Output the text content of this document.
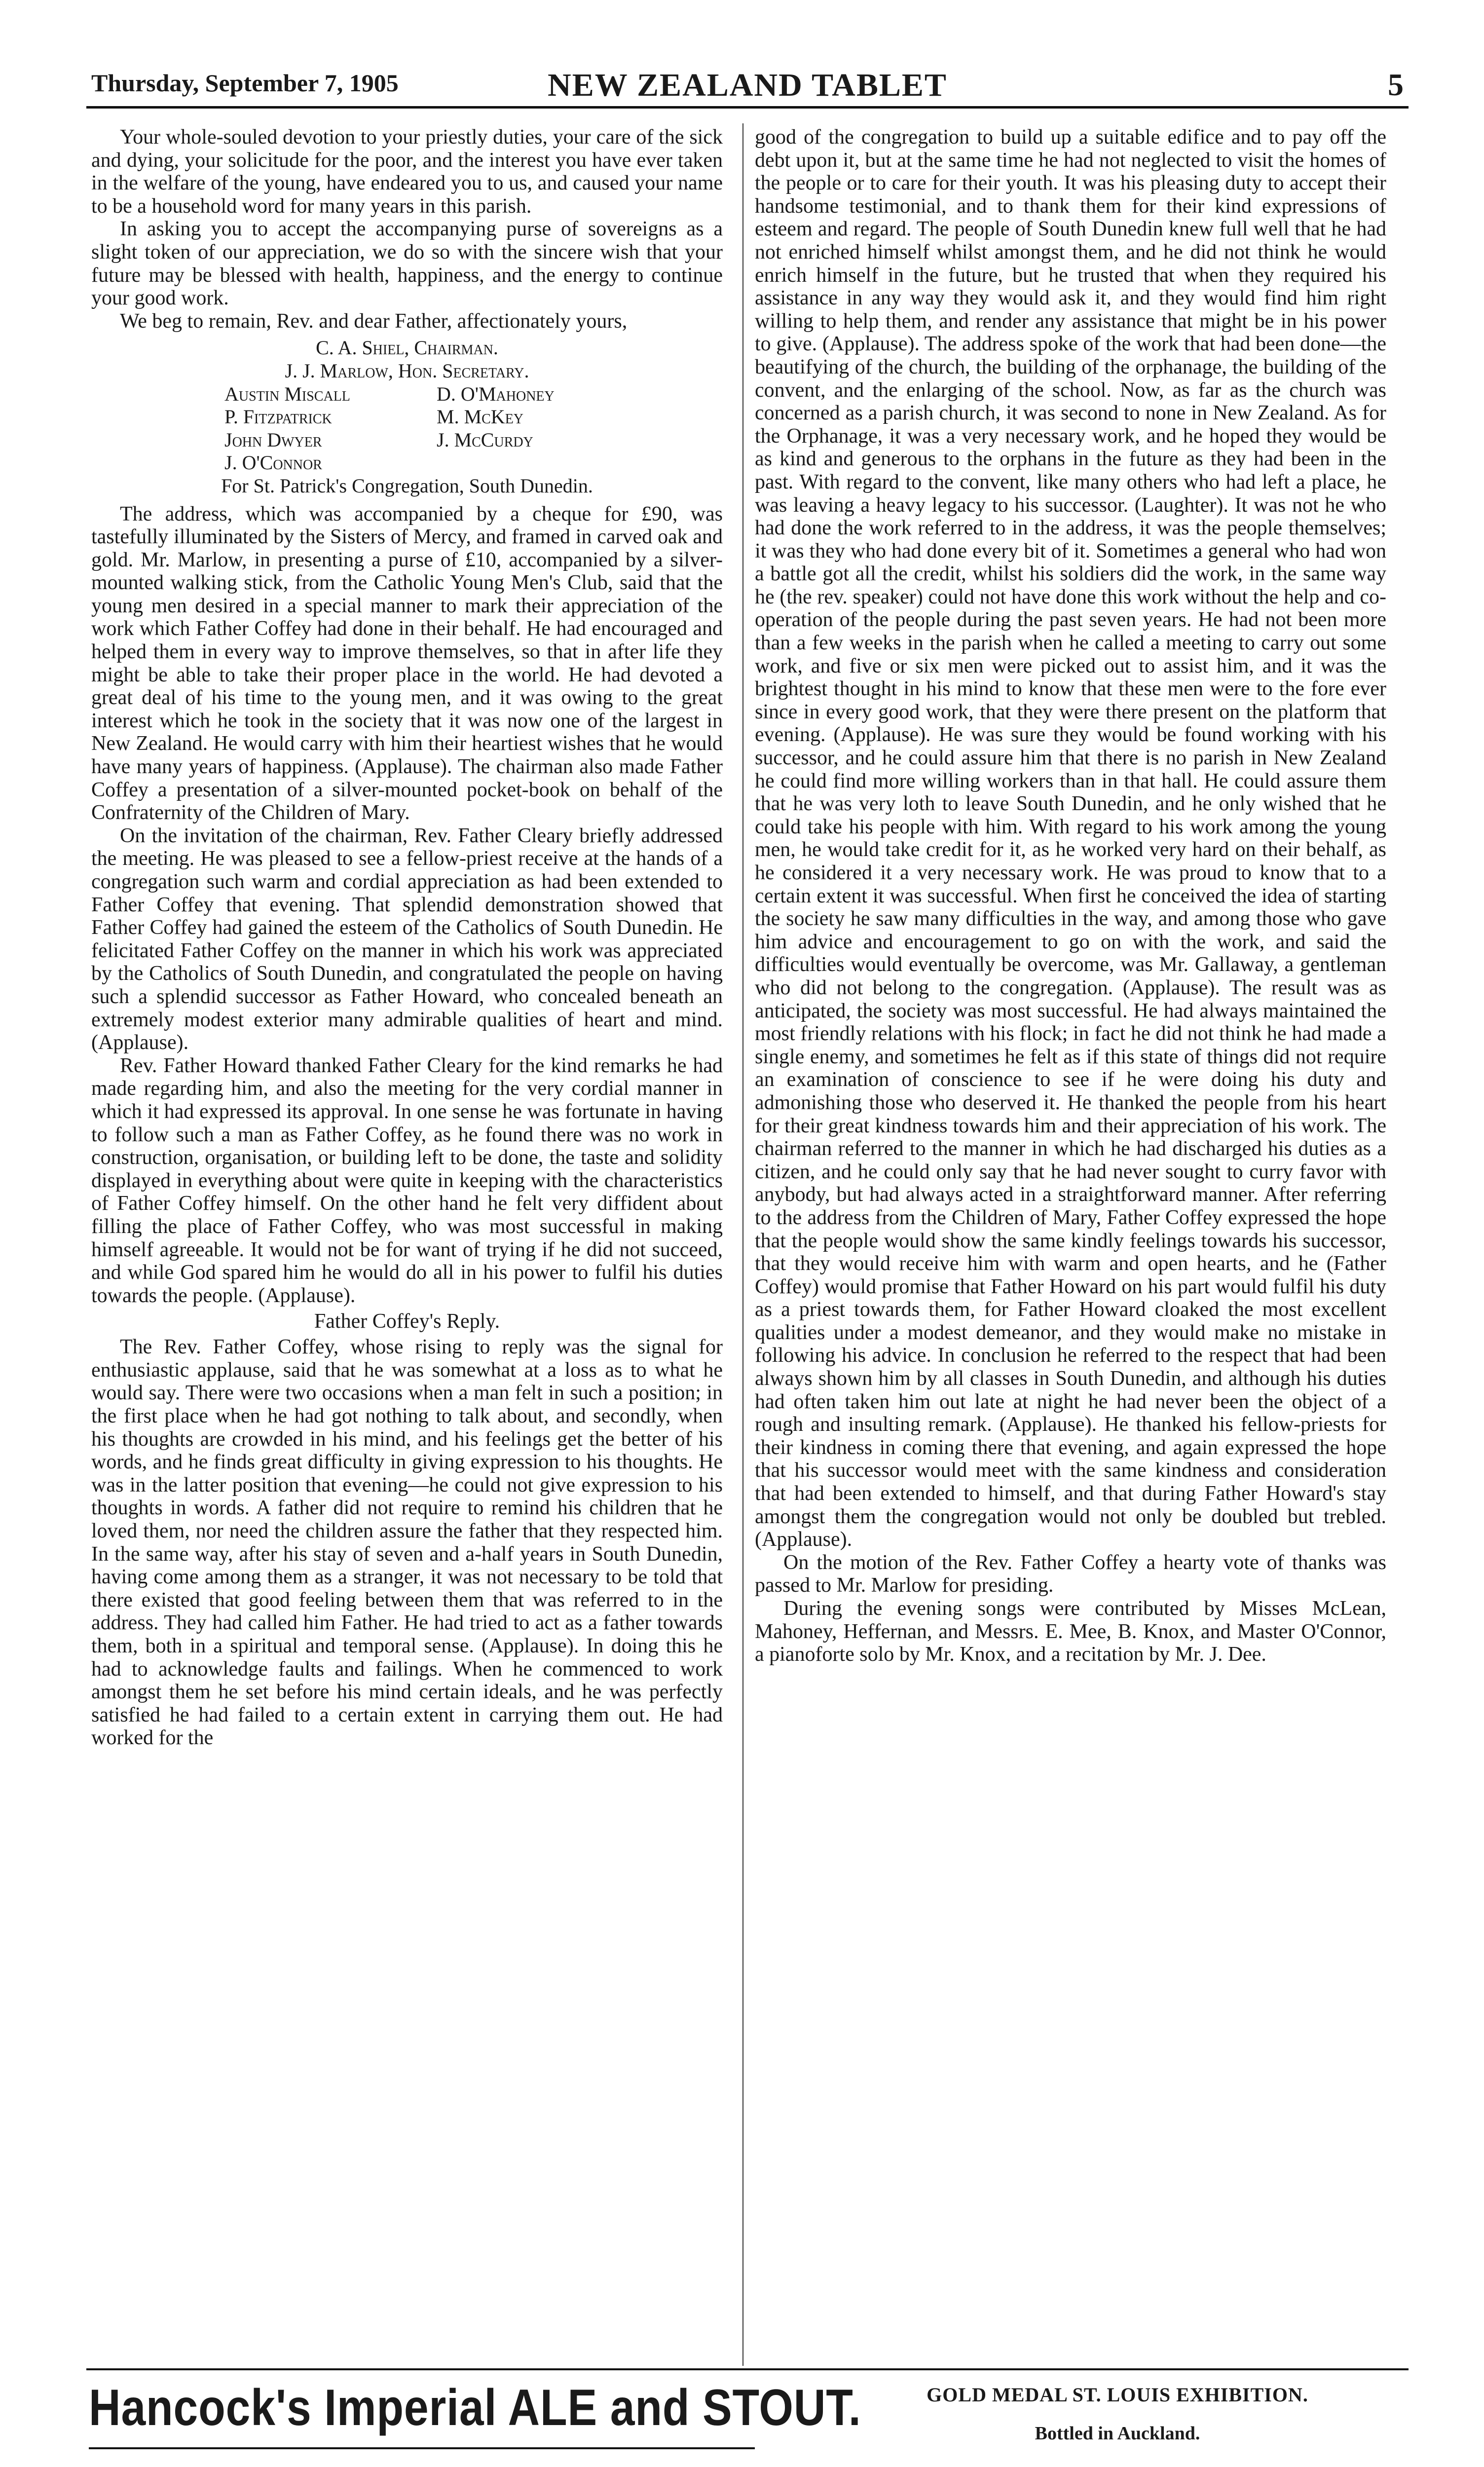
Thursday, September 7, 1905	NEW ZEALAND TABLET	5

Your whole-souled devotion to your priestly duties, your care of the sick and dying, your solicitude for the poor, and the interest you have ever taken in the welfare of the young, have endeared you to us, and caused your name to be a household word for many years in this parish.

In asking you to accept the accompanying purse of sovereigns as a slight token of our appreciation, we do so with the sincere wish that your future may be blessed with health, happiness, and the energy to continue your good work.

We beg to remain, Rev. and dear Father, affectionately yours,

C. A. Shiel, Chairman.
J. J. Marlow, Hon. Secretary.
Austin Miscall	D. O'Mahoney
P. Fitzpatrick	M. McKey
John Dwyer	J. McCurdy
J. O'Connor
For St. Patrick's Congregation, South Dunedin.

The address, which was accompanied by a cheque for £90, was tastefully illuminated by the Sisters of Mercy, and framed in carved oak and gold. Mr. Marlow, in presenting a purse of £10, accompanied by a silver-mounted walking stick, from the Catholic Young Men's Club, said that the young men desired in a special manner to mark their appreciation of the work which Father Coffey had done in their behalf. He had encouraged and helped them in every way to improve themselves, so that in after life they might be able to take their proper place in the world. He had devoted a great deal of his time to the young men, and it was owing to the great interest which he took in the society that it was now one of the largest in New Zealand. He would carry with him their heartiest wishes that he would have many years of happiness. (Applause). The chairman also made Father Coffey a presentation of a silver-mounted pocket-book on behalf of the Confraternity of the Children of Mary.

On the invitation of the chairman, Rev. Father Cleary briefly addressed the meeting. He was pleased to see a fellow-priest receive at the hands of a congregation such warm and cordial appreciation as had been extended to Father Coffey that evening. That splendid demonstration showed that Father Coffey had gained the esteem of the Catholics of South Dunedin. He felicitated Father Coffey on the manner in which his work was appreciated by the Catholics of South Dunedin, and congratulated the people on having such a splendid successor as Father Howard, who concealed beneath an extremely modest exterior many admirable qualities of heart and mind. (Applause).

Rev. Father Howard thanked Father Cleary for the kind remarks he had made regarding him, and also the meeting for the very cordial manner in which it had expressed its approval. In one sense he was fortunate in having to follow such a man as Father Coffey, as he found there was no work in construction, organisation, or building left to be done, the taste and solidity displayed in everything about were quite in keeping with the characteristics of Father Coffey himself. On the other hand he felt very diffident about filling the place of Father Coffey, who was most successful in making himself agreeable. It would not be for want of trying if he did not succeed, and while God spared him he would do all in his power to fulfil his duties towards the people. (Applause).

Father Coffey's Reply.

The Rev. Father Coffey, whose rising to reply was the signal for enthusiastic applause, said that he was somewhat at a loss as to what he would say. There were two occasions when a man felt in such a position; in the first place when he had got nothing to talk about, and secondly, when his thoughts are crowded in his mind, and his feelings get the better of his words, and he finds great difficulty in giving expression to his thoughts. He was in the latter position that evening—he could not give expression to his thoughts in words. A father did not require to remind his children that he loved them, nor need the children assure the father that they respected him. In the same way, after his stay of seven and a-half years in South Dunedin, having come among them as a stranger, it was not necessary to be told that there existed that good feeling between them that was referred to in the address. They had called him Father. He had tried to act as a father towards them, both in a spiritual and temporal sense. (Applause). In doing this he had to acknowledge faults and failings. When he commenced to work amongst them he set before his mind certain ideals, and he was perfectly satisfied he had failed to a certain extent in carrying them out. He had worked for the

good of the congregation to build up a suitable edifice and to pay off the debt upon it, but at the same time he had not neglected to visit the homes of the people or to care for their youth. It was his pleasing duty to accept their handsome testimonial, and to thank them for their kind expressions of esteem and regard. The people of South Dunedin knew full well that he had not enriched himself whilst amongst them, and he did not think he would enrich himself in the future, but he trusted that when they required his assistance in any way they would ask it, and they would find him right willing to help them, and render any assistance that might be in his power to give. (Applause). The address spoke of the work that had been done—the beautifying of the church, the building of the orphanage, the building of the convent, and the enlarging of the school. Now, as far as the church was concerned as a parish church, it was second to none in New Zealand. As for the Orphanage, it was a very necessary work, and he hoped they would be as kind and generous to the orphans in the future as they had been in the past. With regard to the convent, like many others who had left a place, he was leaving a heavy legacy to his successor. (Laughter). It was not he who had done the work referred to in the address, it was the people themselves; it was they who had done every bit of it. Sometimes a general who had won a battle got all the credit, whilst his soldiers did the work, in the same way he (the rev. speaker) could not have done this work without the help and co-operation of the people during the past seven years. He had not been more than a few weeks in the parish when he called a meeting to carry out some work, and five or six men were picked out to assist him, and it was the brightest thought in his mind to know that these men were to the fore ever since in every good work, that they were there present on the platform that evening. (Applause). He was sure they would be found working with his successor, and he could assure him that there is no parish in New Zealand he could find more willing workers than in that hall. He could assure them that he was very loth to leave South Dunedin, and he only wished that he could take his people with him. With regard to his work among the young men, he would take credit for it, as he worked very hard on their behalf, as he considered it a very necessary work. He was proud to know that to a certain extent it was successful. When first he conceived the idea of starting the society he saw many difficulties in the way, and among those who gave him advice and encouragement to go on with the work, and said the difficulties would eventually be overcome, was Mr. Gallaway, a gentleman who did not belong to the congregation. (Applause). The result was as anticipated, the society was most successful. He had always maintained the most friendly relations with his flock; in fact he did not think he had made a single enemy, and sometimes he felt as if this state of things did not require an examination of conscience to see if he were doing his duty and admonishing those who deserved it. He thanked the people from his heart for their great kindness towards him and their appreciation of his work. The chairman referred to the manner in which he had discharged his duties as a citizen, and he could only say that he had never sought to curry favor with anybody, but had always acted in a straightforward manner. After referring to the address from the Children of Mary, Father Coffey expressed the hope that the people would show the same kindly feelings towards his successor, that they would receive him with warm and open hearts, and he (Father Coffey) would promise that Father Howard on his part would fulfil his duty as a priest towards them, for Father Howard cloaked the most excellent qualities under a modest demeanor, and they would make no mistake in following his advice. In conclusion he referred to the respect that had been always shown him by all classes in South Dunedin, and although his duties had often taken him out late at night he had never been the object of a rough and insulting remark. (Applause). He thanked his fellow-priests for their kindness in coming there that evening, and again expressed the hope that his successor would meet with the same kindness and consideration that had been extended to himself, and that during Father Howard's stay amongst them the congregation would not only be doubled but trebled. (Applause).

On the motion of the Rev. Father Coffey a hearty vote of thanks was passed to Mr. Marlow for presiding.

During the evening songs were contributed by Misses McLean, Mahoney, Heffernan, and Messrs. E. Mee, B. Knox, and Master O'Connor, a pianoforte solo by Mr. Knox, and a recitation by Mr. J. Dee.

Hancock's Imperial ALE and STOUT.	GOLD MEDAL ST. LOUIS EXHIBITION.
Bottled in Auckland.
